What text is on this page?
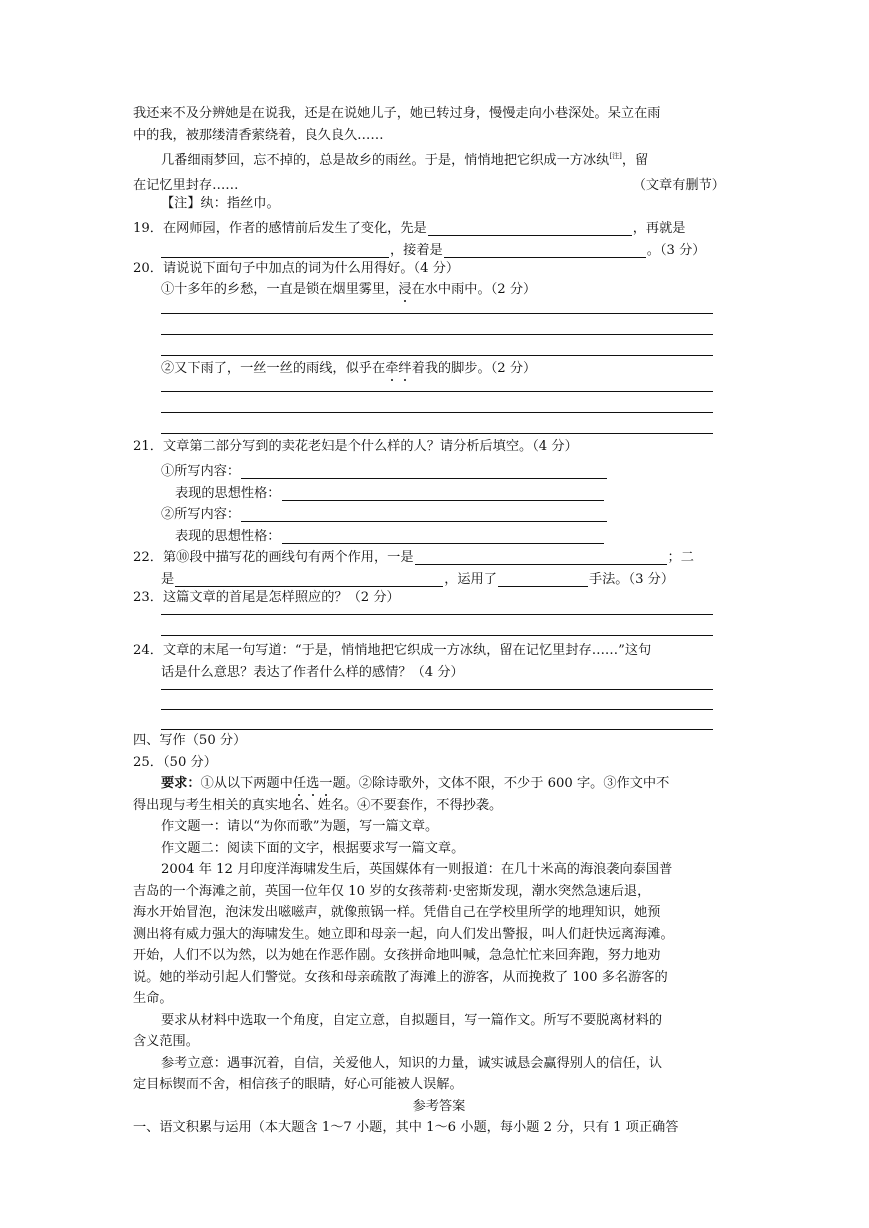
我还来不及分辨她是在说我，还是在说她儿子，她已转过身，慢慢走向小巷深处。呆立在雨

中的我，被那缕清香萦绕着，良久良久……

几番细雨梦回，忘不掉的，总是故乡的雨丝。于是，悄悄地把它织成一方冰纨[注]，留

在记忆里封存……	（文章有删节）

【注】纨：指丝巾。

19．在网师园，作者的感情前后发生了变化，先是	，再就是
，接着是	。（3 分）

20．请说说下面句子中加点的词为什么用得好。（4 分）

①十多年的乡愁，一直是锁在烟里雾里，浸在水中雨中。（2 分）

②又下雨了，一丝一丝的雨线，似乎在牵绊着我的脚步。（2 分）

21．文章第二部分写到的卖花老妇是个什么样的人？请分析后填空。（4 分）

①所写内容：
表现的思想性格：
②所写内容：
表现的思想性格：
22．第⑩段中描写花的画线句有两个作用，一是	；二
是	，运用了	手法。（3 分）

23．这篇文章的首尾是怎样照应的？（2 分）

24．文章的末尾一句写道：“于是，悄悄地把它织成一方冰纨，留在记忆里封存……”这句

话是什么意思？表达了作者什么样的感情？（4 分）

四、写作（50 分）

25．（50 分）

要求：①从以下两题中任选一题。②除诗歌外，文体不限，不少于 600 字。③作文中不

得出现与考生相关的真实地名、姓名。④不要套作，不得抄袭。

作文题一：请以“为你而歌”为题，写一篇文章。

作文题二：阅读下面的文字，根据要求写一篇文章。

2004 年 12 月印度洋海啸发生后，英国媒体有一则报道：在几十米高的海浪袭向泰国普

吉岛的一个海滩之前，英国一位年仅 10 岁的女孩蒂莉·史密斯发现，潮水突然急速后退，

海水开始冒泡，泡沫发出嗞嗞声，就像煎锅一样。凭借自己在学校里所学的地理知识，她预

测出将有威力强大的海啸发生。她立即和母亲一起，向人们发出警报，叫人们赶快远离海滩。

开始，人们不以为然，以为她在作恶作剧。女孩拼命地叫喊，急急忙忙来回奔跑，努力地劝

说。她的举动引起人们警觉。女孩和母亲疏散了海滩上的游客，从而挽救了 100 多名游客的

生命。

要求从材料中选取一个角度，自定立意，自拟题目，写一篇作文。所写不要脱离材料的

含义范围。

参考立意：遇事沉着，自信，关爱他人，知识的力量，诚实诚恳会赢得别人的信任，认

定目标锲而不舍，相信孩子的眼睛，好心可能被人误解。

参考答案

一、语文积累与运用（本大题含 1～7 小题，其中 1～6 小题，每小题 2 分，只有 1 项正确答
